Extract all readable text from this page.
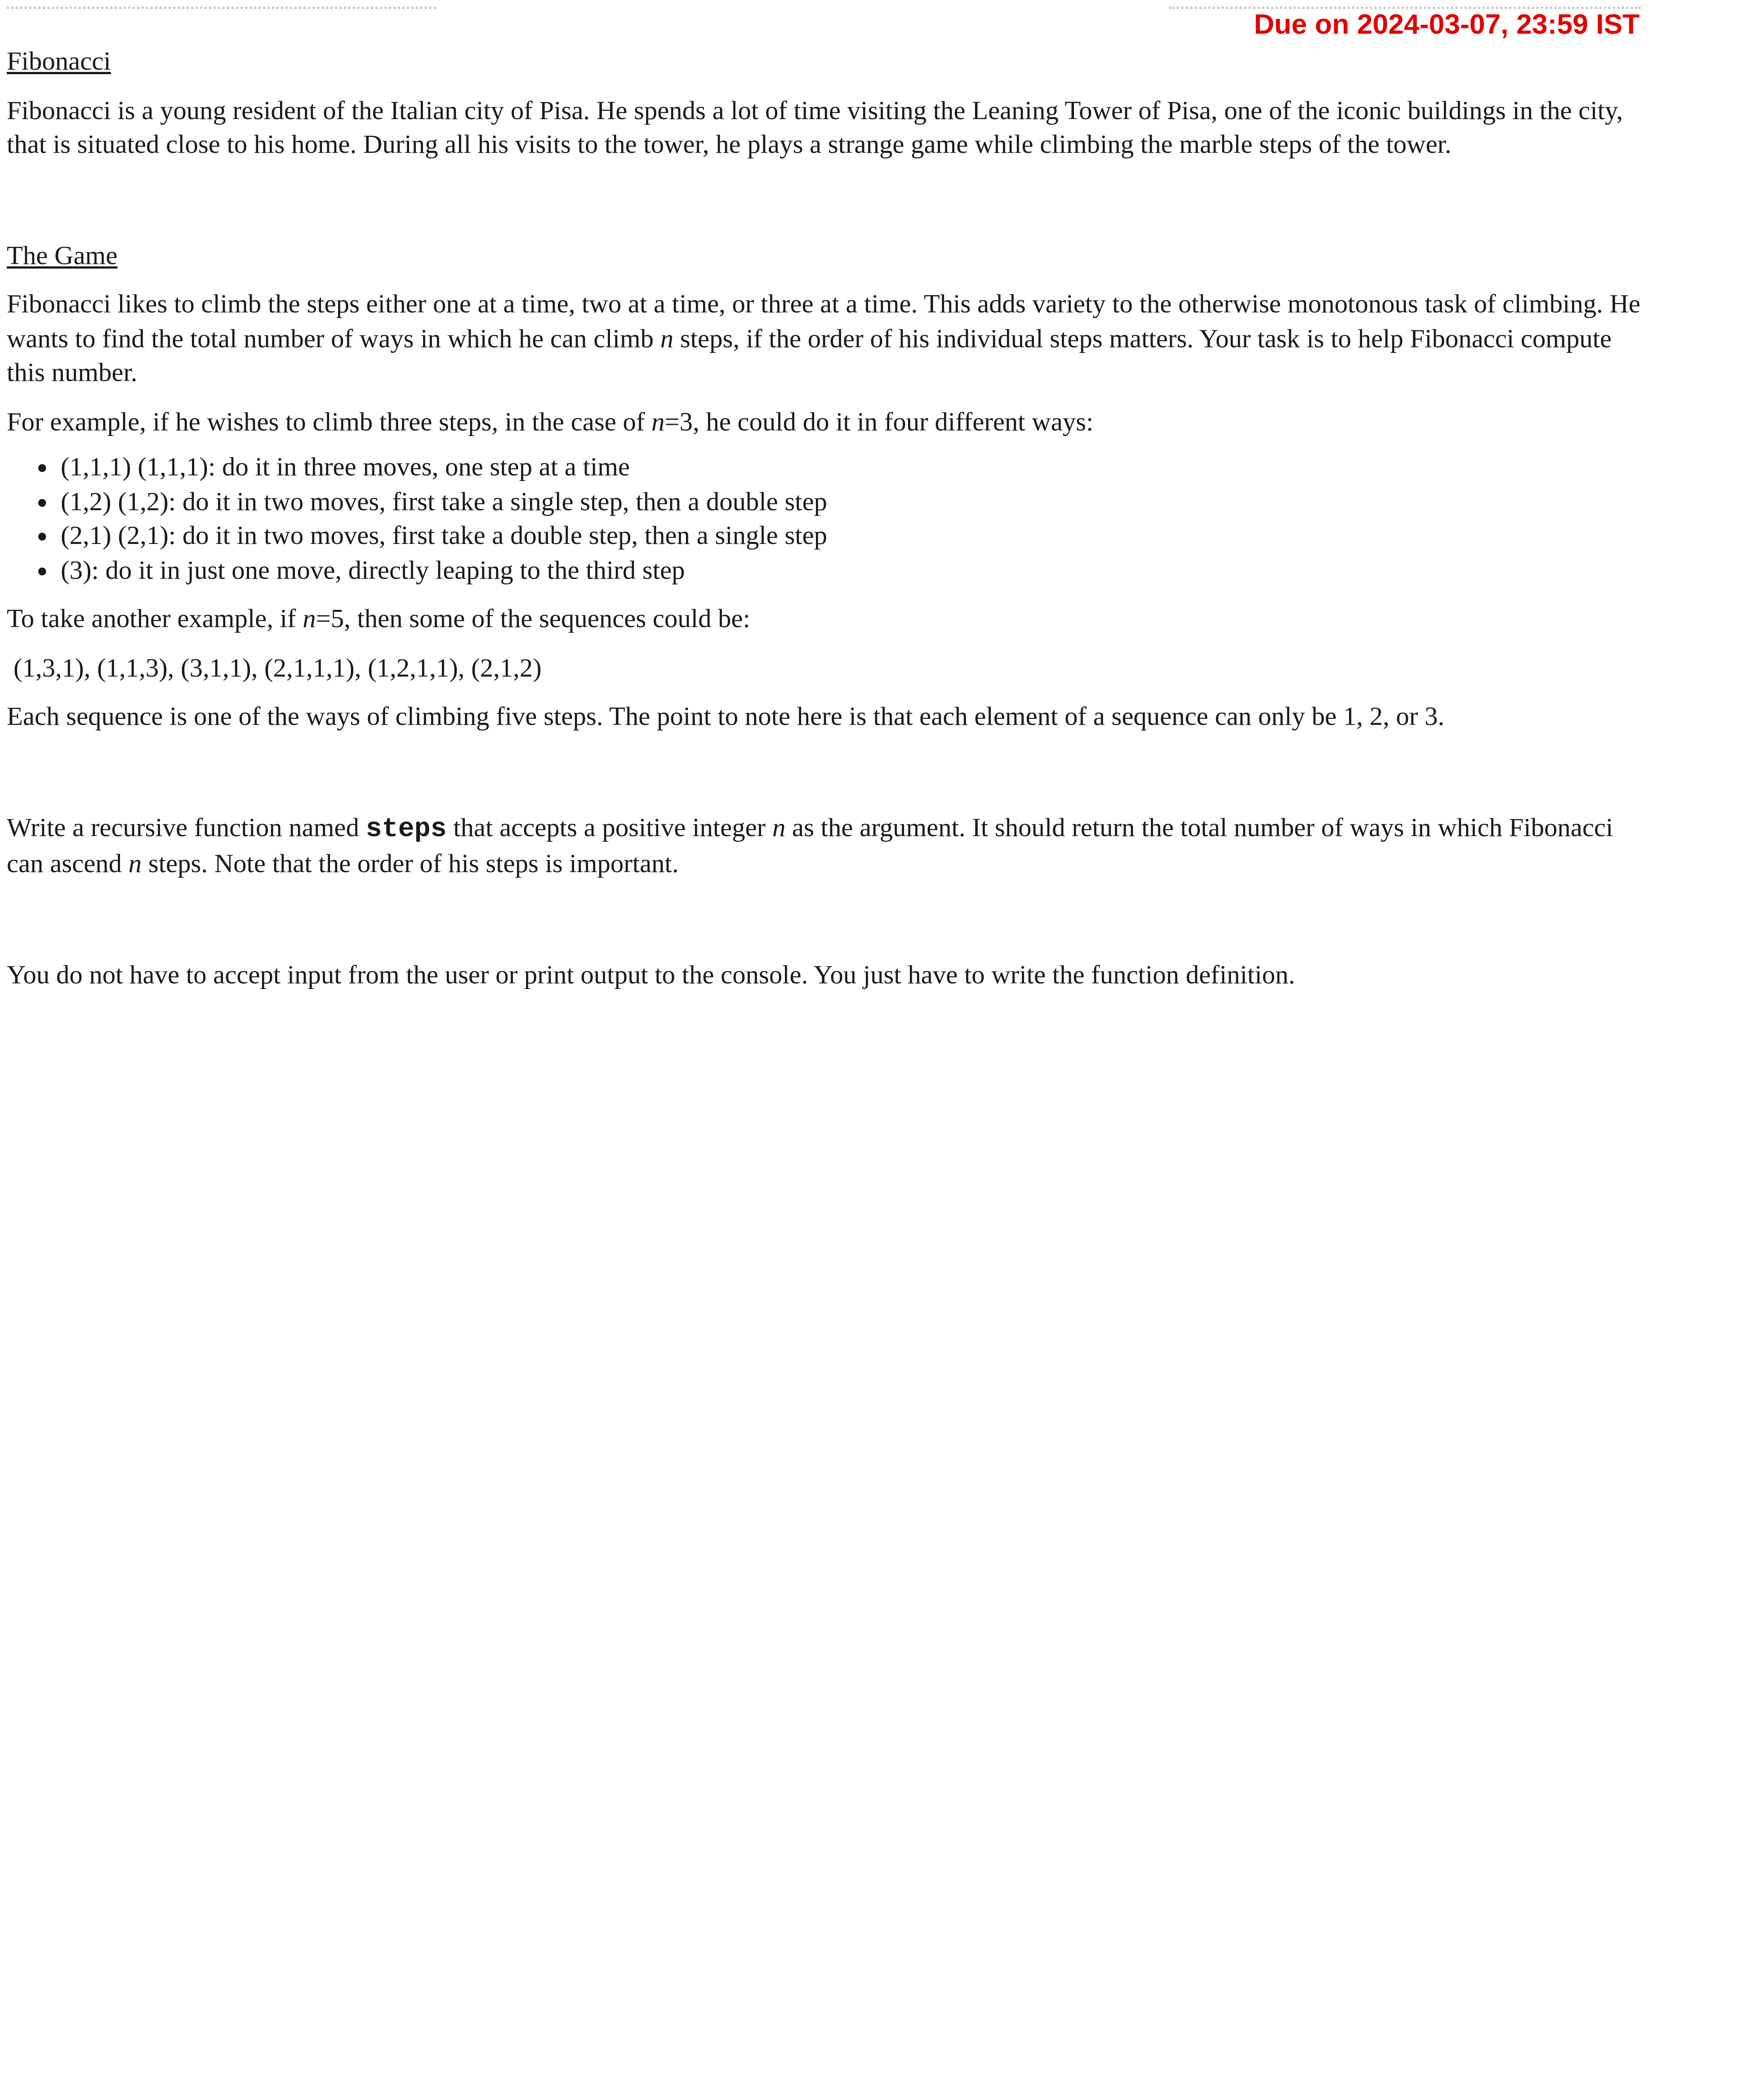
Due on 2024-03-07, 23:59 IST
Fibonacci

Fibonacci is a young resident of the Italian city of Pisa. He spends a lot of time visiting the Leaning Tower of Pisa, one of the iconic buildings in the city, that is situated close to his home. During all his visits to the tower, he plays a strange game while climbing the marble steps of the tower.

The Game

Fibonacci likes to climb the steps either one at a time, two at a time, or three at a time. This adds variety to the otherwise monotonous task of climbing. He wants to find the total number of ways in which he can climb n steps, if the order of his individual steps matters. Your task is to help Fibonacci compute this number.

For example, if he wishes to climb three steps, in the case of n=3, he could do it in four different ways:

• (1,1,1) (1,1,1): do it in three moves, one step at a time
• (1,2) (1,2): do it in two moves, first take a single step, then a double step
• (2,1) (2,1): do it in two moves, first take a double step, then a single step
• (3): do it in just one move, directly leaping to the third step

To take another example, if n=5, then some of the sequences could be:

(1,3,1), (1,1,3), (3,1,1), (2,1,1,1), (1,2,1,1), (2,1,2)

Each sequence is one of the ways of climbing five steps. The point to note here is that each element of a sequence can only be 1, 2, or 3.

Write a recursive function named steps that accepts a positive integer n as the argument. It should return the total number of ways in which Fibonacci can ascend n steps. Note that the order of his steps is important.

You do not have to accept input from the user or print output to the console. You just have to write the function definition.
